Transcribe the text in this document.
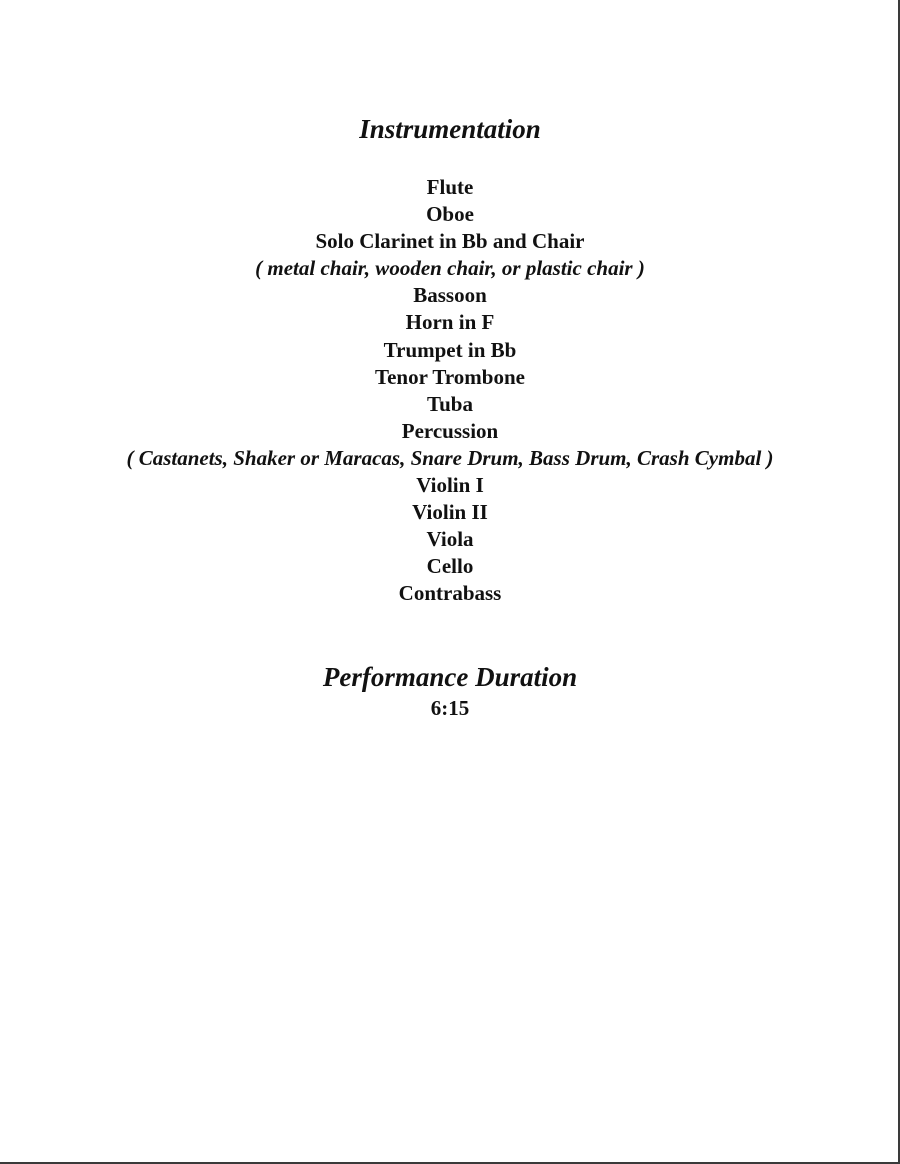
Instrumentation
Flute
Oboe
Solo Clarinet in Bb and Chair
( metal chair, wooden chair, or plastic chair )
Bassoon
Horn in F
Trumpet in Bb
Tenor Trombone
Tuba
Percussion
( Castanets, Shaker or Maracas, Snare Drum, Bass Drum, Crash Cymbal )
Violin I
Violin II
Viola
Cello
Contrabass
Performance Duration
6:15
